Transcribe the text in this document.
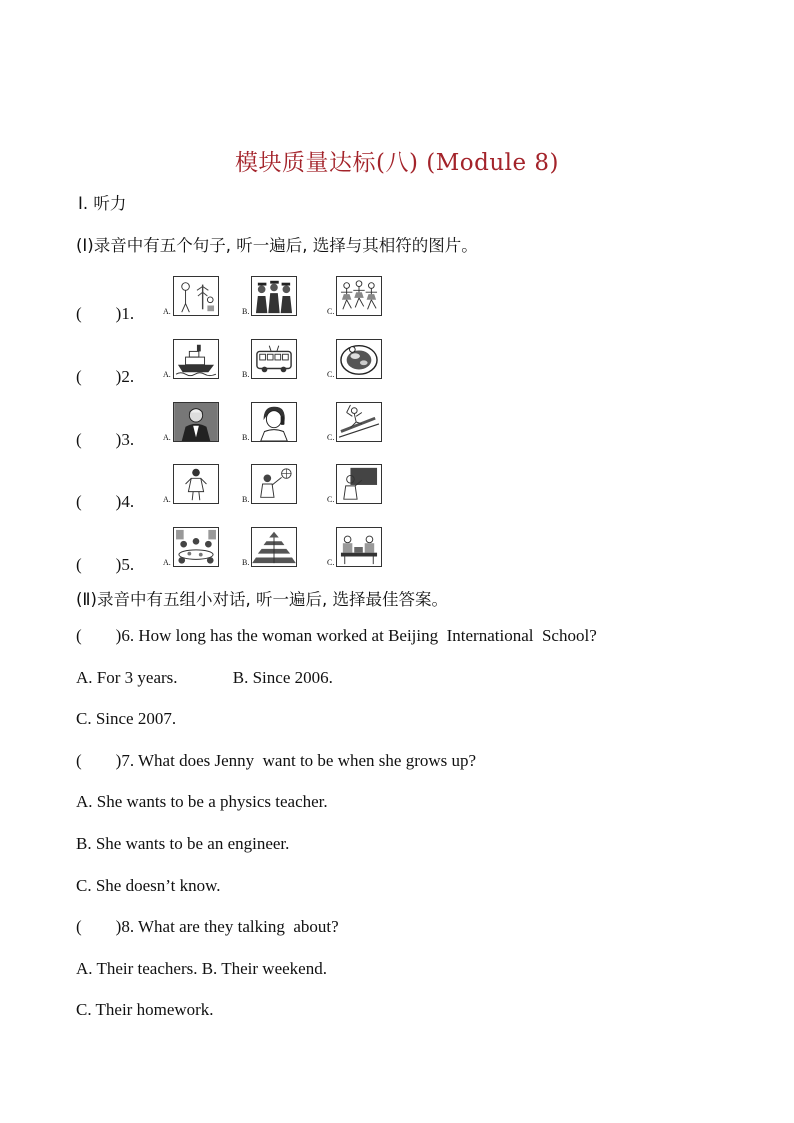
模块质量达标(八) (Module 8)
Ⅰ. 听力
(Ⅰ)录音中有五个句子, 听一遍后, 选择与其相符的图片。
(        )1.	A.	B.	C.
(        )2.	A.	B.	C.
(        )3.	A.	B.	C.
(        )4.	A.	B.	C.
(        )5.	A.	B.	C.
(Ⅱ)录音中有五组小对话, 听一遍后, 选择最佳答案。
(        )6. How long has the woman worked at Beijing  International  School?
A. For 3 years.             B. Since 2006.
C. Since 2007.
(        )7. What does Jenny  want to be when she grows up?
A. She wants to be a physics teacher.
B. She wants to be an engineer.
C. She doesn’t know.
(        )8. What are they talking  about?
A. Their teachers. B. Their weekend.
C. Their homework.
